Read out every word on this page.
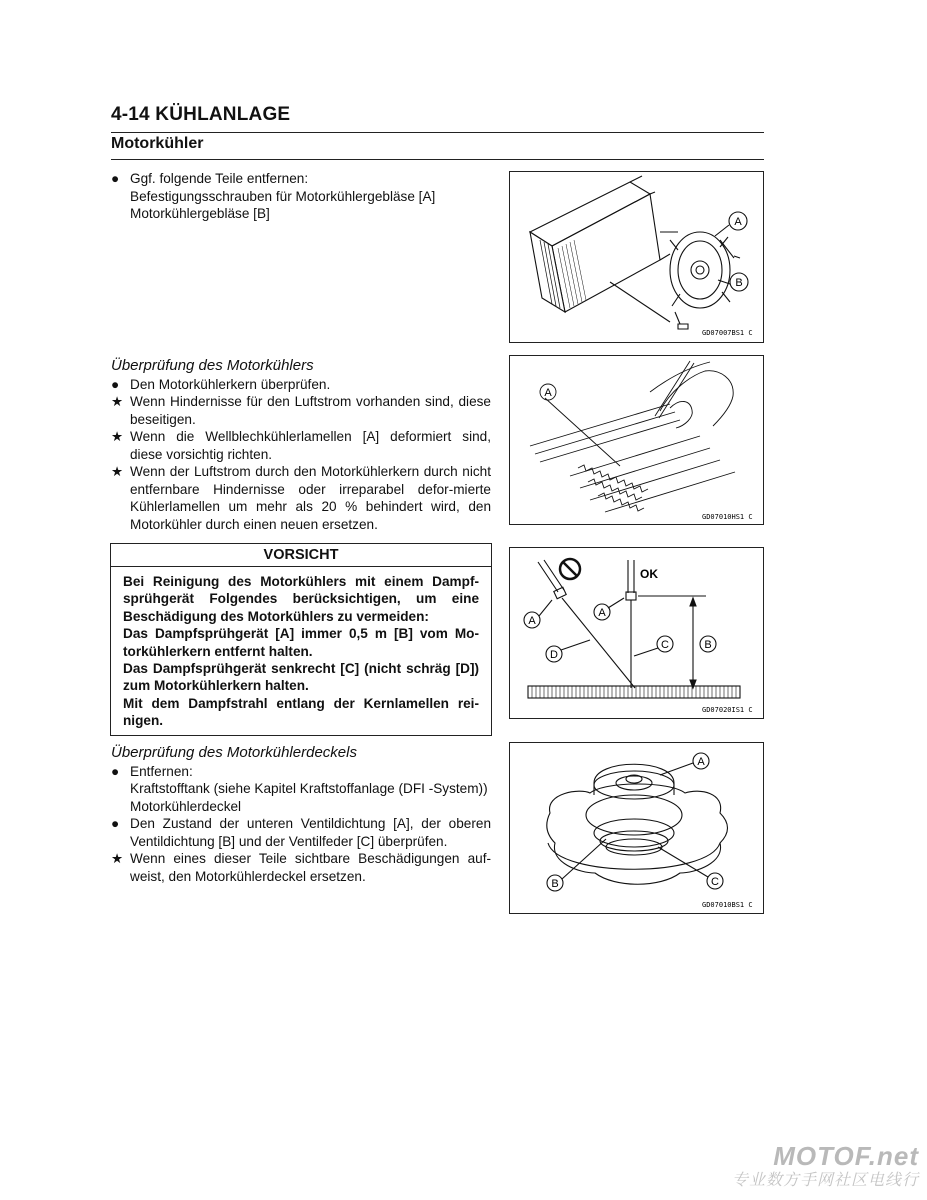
4-14 KÜHLANLAGE
Motorkühler
● Ggf. folgende Teile entfernen:
Befestigungsschrauben für Motorkühlergebläse [A]
Motorkühlergebläse [B]
Überprüfung des Motorkühlers
● Den Motorkühlerkern überprüfen.
★ Wenn Hindernisse für den Luftstrom vorhanden sind, diese beseitigen.
★ Wenn die Wellblechkühlerlamellen [A] deformiert sind, diese vorsichtig richten.
★ Wenn der Luftstrom durch den Motorkühlerkern durch nicht entfernbare Hindernisse oder irreparabel defor-mierte Kühlerlamellen um mehr als 20 % behindert wird, den Motorkühler durch einen neuen ersetzen.
VORSICHT
Bei Reinigung des Motorkühlers mit einem Dampf-sprühgerät Folgendes berücksichtigen, um eine Beschädigung des Motorkühlers zu vermeiden:
Das Dampfsprühgerät [A] immer 0,5 m [B] vom Mo-torkühlerkern entfernt halten.
Das Dampfsprühgerät senkrecht [C] (nicht schräg [D]) zum Motorkühlerkern halten.
Mit dem Dampfstrahl entlang der Kernlamellen rei-nigen.
Überprüfung des Motorkühlerdeckels
● Entfernen:
Kraftstofftank (siehe Kapitel Kraftstoffanlage (DFI -System))
Motorkühlerdeckel
● Den Zustand der unteren Ventildichtung [A], der oberen Ventildichtung [B] und der Ventilfeder [C] überprüfen.
★ Wenn eines dieser Teile sichtbare Beschädigungen auf-weist, den Motorkühlerdeckel ersetzen.
A
B
GD07007BS1 C
A
GD07010HS1 C
OK
A
A
B
C
D
GD07020IS1 C
A
B	C
GD07010BS1 C
MOTOF.net
专业数方手网社区电线行
